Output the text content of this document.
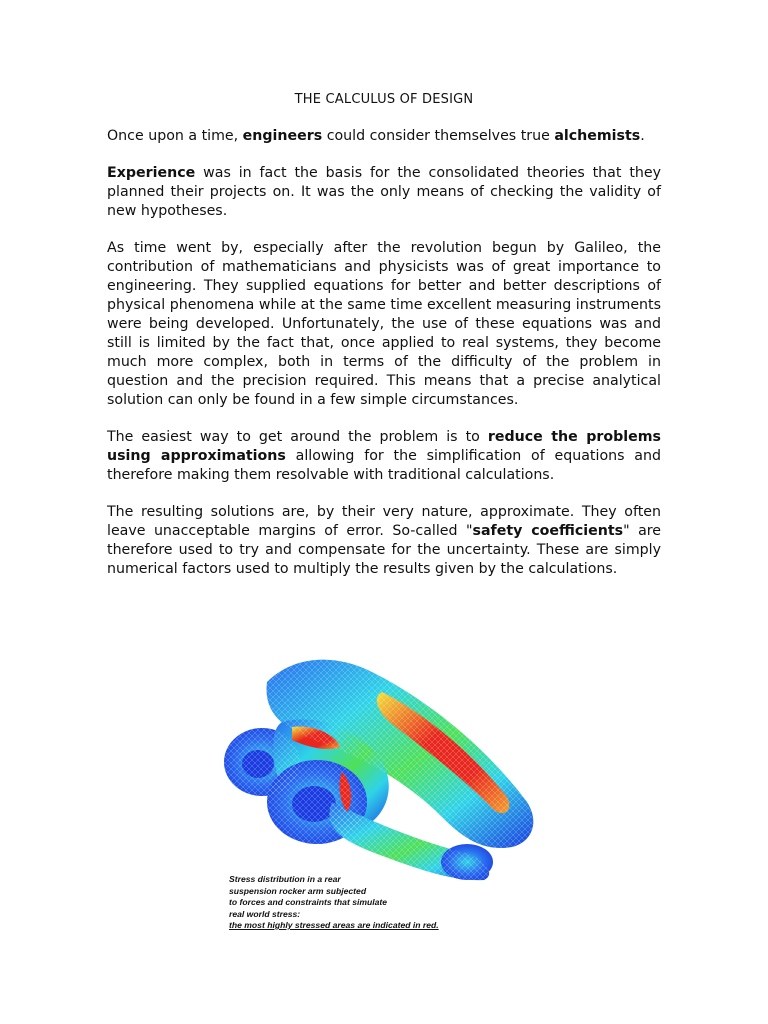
THE CALCULUS OF DESIGN

Once upon a time, engineers could consider themselves true alchemists.

Experience was in fact the basis for the consolidated theories that they planned their projects on. It was the only means of checking the validity of new hypotheses.

As time went by, especially after the revolution begun by Galileo, the contribution of mathematicians and physicists was of great importance to engineering. They supplied equations for better and better descriptions of physical phenomena while at the same time excellent measuring instruments were being developed. Unfortunately, the use of these equations was and still is limited by the fact that, once applied to real systems, they become much more complex, both in terms of the difficulty of the problem in question and the precision required. This means that a precise analytical solution can only be found in a few simple circumstances.

The easiest way to get around the problem is to reduce the problems using approximations allowing for the simplification of equations and therefore making them resolvable with traditional calculations.

The resulting solutions are, by their very nature, approximate. They often leave unacceptable margins of error. So-called "safety coefficients" are therefore used to try and compensate for the uncertainty. These are simply numerical factors used to multiply the results given by the calculations.

Stress distribution in a rear
suspension rocker arm subjected
to forces and constraints that simulate
real world stress:
the most highly stressed areas are indicated in red.
